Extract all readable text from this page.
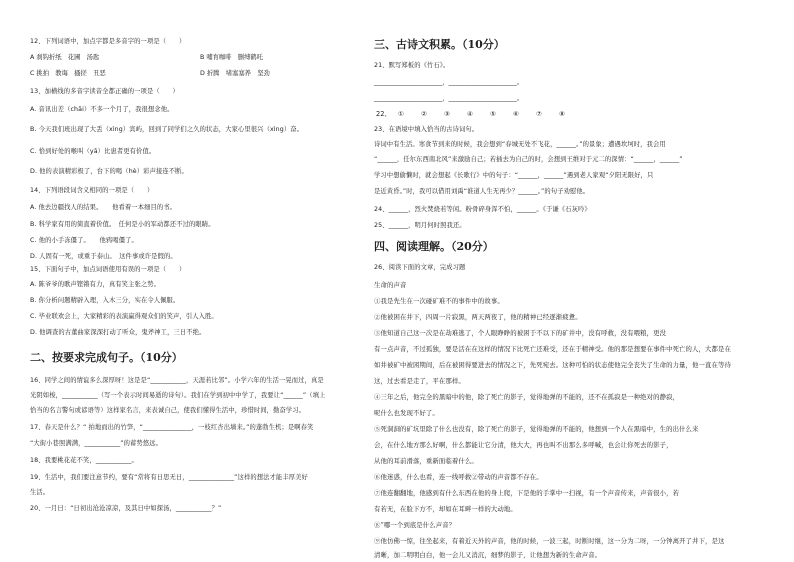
12、下列词语中，加点字都是多音字的一项是（　　）
A 刹钩折纸　花圃　汤匙	B 哺育咖啡　删缚鹤吒
C 挑拍　教诲　搔搓　丑恶	D 折腾　堵塞塞养　坚劲
13、加横线的多音字读音全都正确的一项是（　　）
A. 音讯出差（chāi）不多一个月了，我很想念他。
B. 今天我们班出现了大丢（xìng）宾屿，回到了同学们之久的状态，大家心里很兴（xìng）奋。
C. 恰到好处的喉叫（yā）比患者更有价值。
D. 他的表演精彩极了，台下的喝（hè）彩声接连不断。
14、下列语段词含义相同的一项是（　　）
A. 他去边疆找人的结果。　　他看着一本细目的书。
B. 科学家有用的简直着价值。　任何是小的军动都还不过的眼睛。
C. 他的小手冻僵了。　　他鸦喝僵了。
D. 人固有一死，或重于泰山。　这件事或许是假的。
15、下面句子中，加点词语使用有误的一项是（　　）
A. 陈爷爷的歌声铿锵有力，真有笑主张之势。
B. 你分析问题精辟入理，入木三分，实在令人佩服。
C. 毕业联欢会上，大家精彩的表演赢得观众们的笑声，引人入胜。
D. 他调查的古董曲家深深打动了听众，鬼斧神工，三日不绝。
二、按要求完成句子。（10分）
16、同学之间的情谊多么深厚呀！这是是“___________，天涯若比邻”。小学六年的生活一晃而过，真是
光阴如梭，___________（写一个表示时间易逝的诗句）。我们在学到初中中学了，我要让“______”（填上
恰当的名言警句或谚语等）这样家名言，来表诚自己，使我们懂得生活中，珍惜时间，勤奋学习。
17、春天是什么？“ 拍地而出的竹笋，“_______________，一枝红杏出墙来。”的蓬勃生机；是啊春笑
“大街小巷照满满，___________”的蓄势悠远。
18、我要桃花花不笑，___________。
19、生活中，我们要注意节约，要有“常将有日思无日，______________”这样的想法才能丰厚美好
生活。
20、一月曰：“日初出沧沧凉凉，及其日中如探汤，___________？”
三、古诗文积累。（10分）
21、默写郑板的《竹石》。
_____________________，_____________________。
_____________________，_____________________。
22、 ①	②	③	④	⑤	⑥	⑦	⑧
23、在语境中填入恰当的古诗词句。
诗词中有生活。寒食节到来的时候，我会想到“春城无处不飞花，______。”的景象；遭遇坎坷时，我会用
“______，任尔东西南北风”来激励自己；若插去为自己的时，会想到王维对于元二的深情：“______，______”
学习中想偷懒时，就会想起《长歌行》中的句子：“______，______”遇到老人家观“夕阳无限好，只
是近黄昏。”时，我可以借用刘禹“谁道人生无再少？______。”的句子劝慰他。
24、______，烈火焚烧若等闲。粉骨碎身浑不怕，______。《于谦《石灰吟》
25、______，明月何时照我还。
四、阅读理解。（20分）
26、阅读下面的文章，完成习题
生命的声音
①我是先生在一次碰矿难不的事件中的故事。
②他被困在井下，四周一片寂黑，两天两夜了，他的精神已经逐渐疲惫。
③他知道自己这一次是在劫难逃了，个人眼睁睁的被困于不以下的矿井中，没有呼救，没有喂粮，更没
有一点声音，不过孤独，要是活在在这样的情况下比死亡还难受，还在于精神受。他的那是想要在事件中死亡的人，大都是在
如井被矿中被困期间，后在被困得要进去的情况之下，先死宛去。这种可怕的状态使他完全丧失了生命的力量，他一直在等待
这，过去看是走了，平在那样。
④三年之后，他完全的黑暗中的他，除了死亡的影子，觉得地弹的不能的，还不在孤寂是一种绝对的静寂，
呢什么也发现不好了。
⑤死洞洞的矿坑里除了什么也没有，除了死亡的影子，觉得地弹的不能的，他想到一个人在黑暗中，生的出什么来
会，在什么地方那么好啊，什么都能让它分清，他大大，再也叫不出那么多呼喊，也会让你死去的影子，
从他的耳前滑落，重新面临着什么。
⑥他迷惑，什么也看，连一线呼救②带动的声音都不存在。
⑦他连翻翻地，他感到有什么东西在他的身上爬，下是他的手掌中一扫视，有一个声音传来，声音很小，若
有若无，在脸下方不，却如在耳畔一样的大动地。
⑧“哪一个到底是什么声音？
⑨他仿佛一惊，往坐起来，有着近天外的声音，他的时候，一波三起，时断时继，这一分为二呀，一分钟离开了井下，是这
清晰，加二明明白白，他一会儿又消沉，细梦的影子，让他想为新的生命声音。
